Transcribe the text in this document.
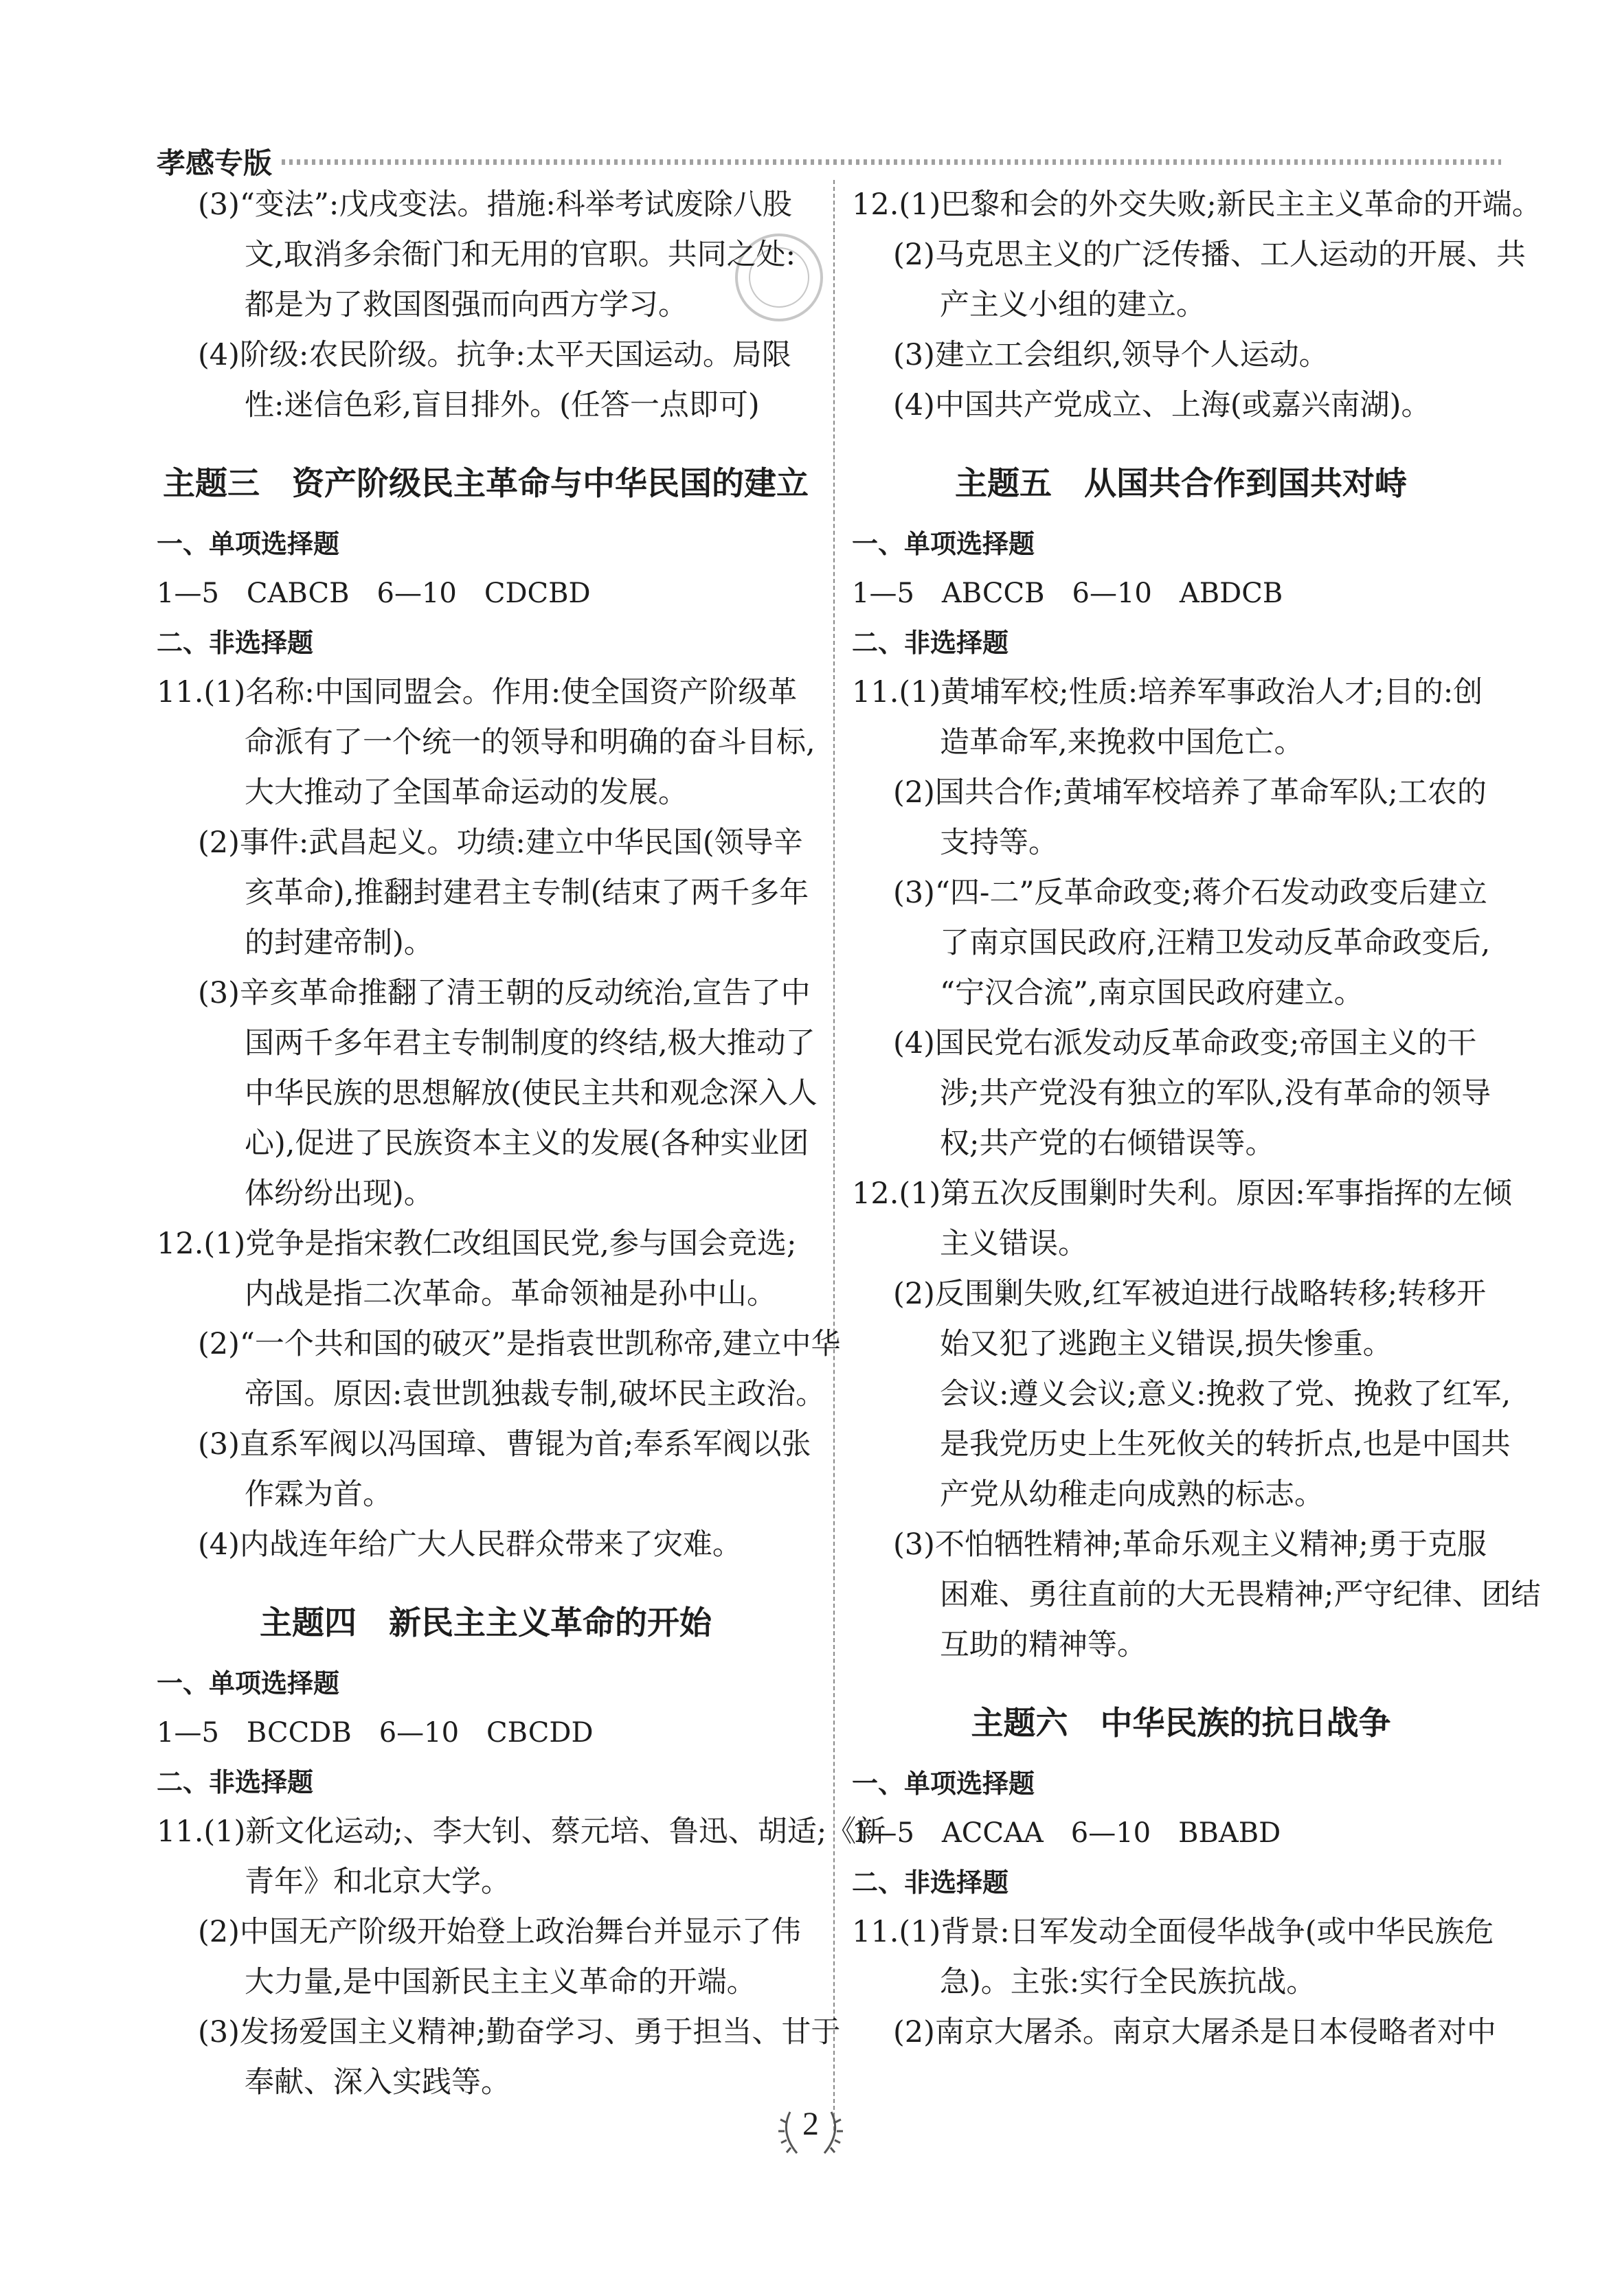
孝感专版
(3)“变法”:戊戌变法。措施:科举考试废除八股
文,取消多余衙门和无用的官职。共同之处:
都是为了救国图强而向西方学习。
(4)阶级:农民阶级。抗争:太平天国运动。局限
性:迷信色彩,盲目排外。(任答一点即可)
主题三　资产阶级民主革命与中华民国的建立
一、单项选择题
1—5　CABCB　6—10　CDCBD
二、非选择题
11.(1)名称:中国同盟会。作用:使全国资产阶级革
命派有了一个统一的领导和明确的奋斗目标,
大大推动了全国革命运动的发展。
(2)事件:武昌起义。功绩:建立中华民国(领导辛
亥革命),推翻封建君主专制(结束了两千多年
的封建帝制)。
(3)辛亥革命推翻了清王朝的反动统治,宣告了中
国两千多年君主专制制度的终结,极大推动了
中华民族的思想解放(使民主共和观念深入人
心),促进了民族资本主义的发展(各种实业团
体纷纷出现)。
12.(1)党争是指宋教仁改组国民党,参与国会竞选;
内战是指二次革命。革命领袖是孙中山。
(2)“一个共和国的破灭”是指袁世凯称帝,建立中华
帝国。原因:袁世凯独裁专制,破坏民主政治。
(3)直系军阀以冯国璋、曹锟为首;奉系军阀以张
作霖为首。
(4)内战连年给广大人民群众带来了灾难。
主题四　新民主主义革命的开始
一、单项选择题
1—5　BCCDB　6—10　CBCDD
二、非选择题
11.(1)新文化运动;、李大钊、蔡元培、鲁迅、胡适;《新
青年》和北京大学。
(2)中国无产阶级开始登上政治舞台并显示了伟
大力量,是中国新民主主义革命的开端。
(3)发扬爱国主义精神;勤奋学习、勇于担当、甘于
奉献、深入实践等。
12.(1)巴黎和会的外交失败;新民主主义革命的开端。
(2)马克思主义的广泛传播、工人运动的开展、共
产主义小组的建立。
(3)建立工会组织,领导个人运动。
(4)中国共产党成立、上海(或嘉兴南湖)。
主题五　从国共合作到国共对峙
一、单项选择题
1—5　ABCCB　6—10　ABDCB
二、非选择题
11.(1)黄埔军校;性质:培养军事政治人才;目的:创
造革命军,来挽救中国危亡。
(2)国共合作;黄埔军校培养了革命军队;工农的
支持等。
(3)“四-二”反革命政变;蒋介石发动政变后建立
了南京国民政府,汪精卫发动反革命政变后,
“宁汉合流”,南京国民政府建立。
(4)国民党右派发动反革命政变;帝国主义的干
涉;共产党没有独立的军队,没有革命的领导
权;共产党的右倾错误等。
12.(1)第五次反围剿时失利。原因:军事指挥的左倾
主义错误。
(2)反围剿失败,红军被迫进行战略转移;转移开
始又犯了逃跑主义错误,损失惨重。
会议:遵义会议;意义:挽救了党、挽救了红军,
是我党历史上生死攸关的转折点,也是中国共
产党从幼稚走向成熟的标志。
(3)不怕牺牲精神;革命乐观主义精神;勇于克服
困难、勇往直前的大无畏精神;严守纪律、团结
互助的精神等。
主题六　中华民族的抗日战争
一、单项选择题
1—5　ACCAA　6—10　BBABD
二、非选择题
11.(1)背景:日军发动全面侵华战争(或中华民族危
急)。主张:实行全民族抗战。
(2)南京大屠杀。南京大屠杀是日本侵略者对中
2
